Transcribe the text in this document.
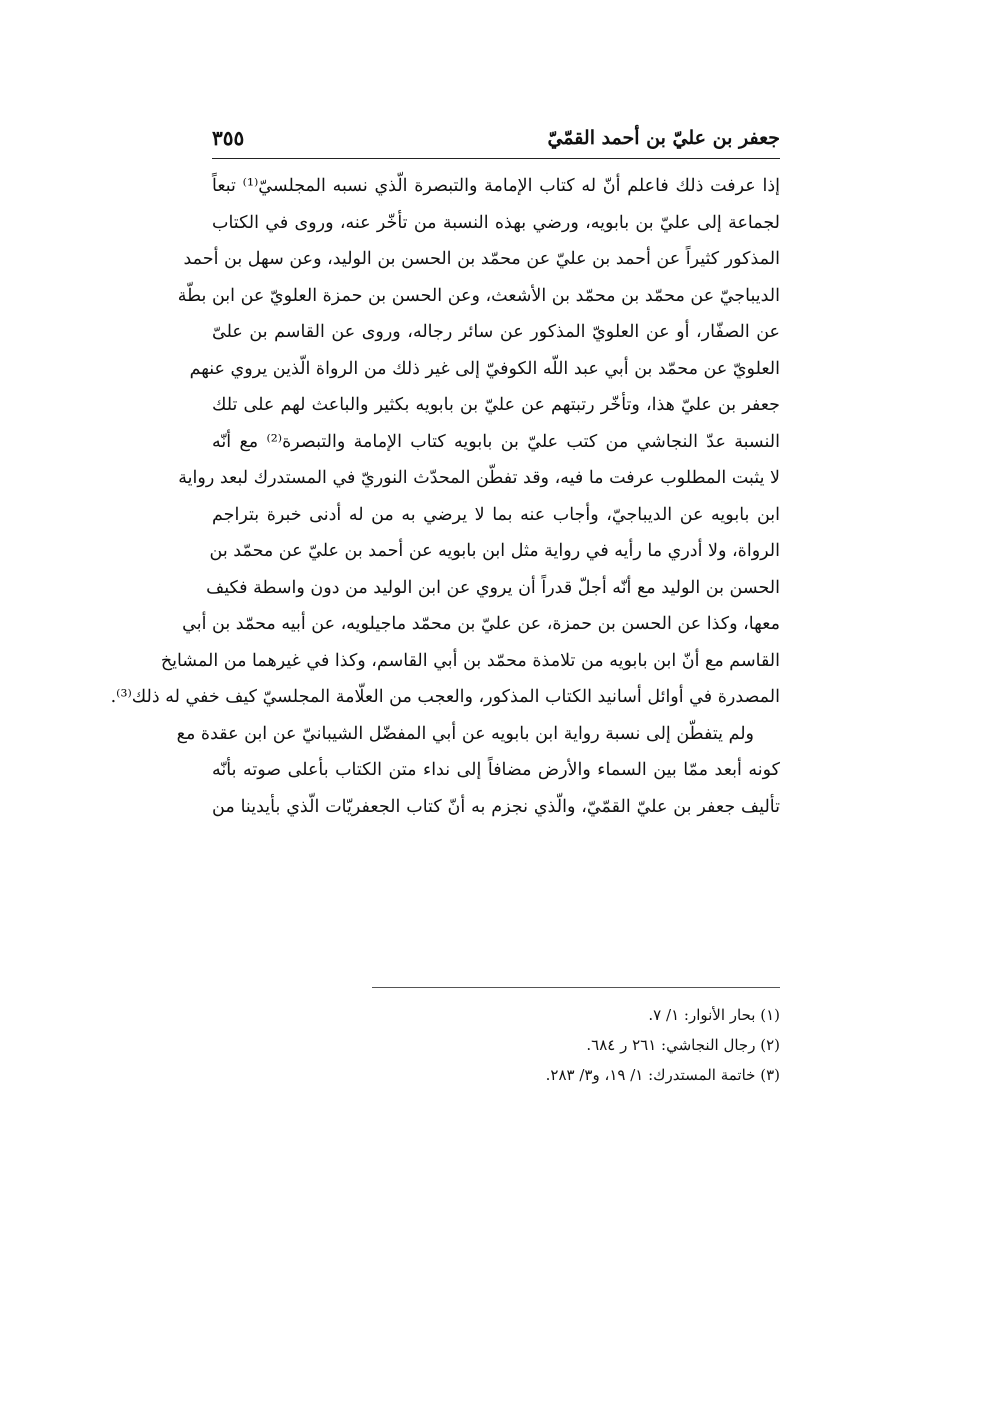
جعفر بن عليّ بن أحمد القمّيّ
٣٥٥
إذا عرفت ذلك فاعلم أنّ له كتاب الإمامة والتبصرة الّذي نسبه المجلسيّ⁽¹⁾ تبعاً
لجماعة إلى عليّ بن بابويه، ورضي بهذه النسبة من تأخّر عنه، وروى في الكتاب
المذكور كثيراً عن أحمد بن عليّ عن محمّد بن الحسن بن الوليد، وعن سهل بن أحمد
الديباجيّ عن محمّد بن محمّد بن الأشعث، وعن الحسن بن حمزة العلويّ عن ابن بطّة
عن الصفّار، أو عن العلويّ المذكور عن سائر رجاله، وروى عن القاسم بن علىّ
العلويّ عن محمّد بن أبي عبد اللّه الكوفيّ إلى غير ذلك من الرواة الّذين يروي عنهم
جعفر بن عليّ هذا، وتأخّر رتبتهم عن عليّ بن بابويه بكثير والباعث لهم على تلك
النسبة عدّ النجاشي من كتب عليّ بن بابويه كتاب الإمامة والتبصرة⁽²⁾ مع أنّه
لا يثبت المطلوب عرفت ما فيه، وقد تفطّن المحدّث النوريّ في المستدرك لبعد رواية
ابن بابويه عن الديباجيّ، وأجاب عنه بما لا يرضي به من له أدنى خبرة بتراجم
الرواة، ولا أدري ما رأيه في رواية مثل ابن بابويه عن أحمد بن عليّ عن محمّد بن
الحسن بن الوليد مع أنّه أجلّ قدراً أن يروي عن ابن الوليد من دون واسطة فكيف
معها، وكذا عن الحسن بن حمزة، عن عليّ بن محمّد ماجيلويه، عن أبيه محمّد بن أبي
القاسم مع أنّ ابن بابويه من تلامذة محمّد بن أبي القاسم، وكذا في غيرهما من المشايخ
المصدرة في أوائل أسانيد الكتاب المذكور، والعجب من العلّامة المجلسيّ كيف خفي له ذلك⁽³⁾.
ولم يتفطّن إلى نسبة رواية ابن بابويه عن أبي المفضّل الشيبانيّ عن ابن عقدة مع
كونه أبعد ممّا بين السماء والأرض مضافاً إلى نداء متن الكتاب بأعلى صوته بأنّه
تأليف جعفر بن عليّ القمّيّ، والّذي نجزم به أنّ كتاب الجعفريّات الّذي بأيدينا من
(١) بحار الأنوار: ١/ ٧.
(٢) رجال النجاشي: ٢٦١ ر ٦٨٤.
(٣) خاتمة المستدرك: ١/ ١٩، و٣/ ٢٨٣.
